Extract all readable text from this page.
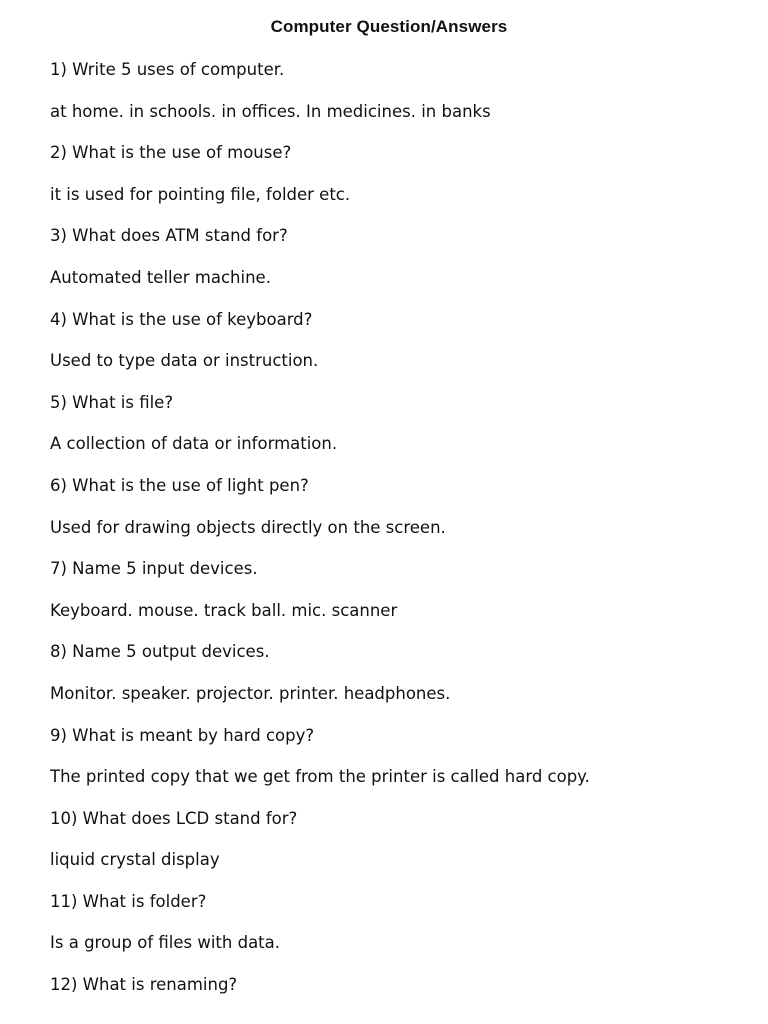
Computer Question/Answers
1) Write 5 uses of computer.
at home. in schools. in offices. In medicines. in banks
2) What is the use of mouse?
it is used for pointing file, folder etc.
3) What does ATM stand for?
Automated teller machine.
4) What is the use of keyboard?
Used to type data or instruction.
5) What is file?
A collection of data or information.
6) What is the use of light pen?
Used for drawing objects directly on the screen.
7) Name 5 input devices.
Keyboard. mouse. track ball. mic. scanner
8) Name 5 output devices.
Monitor. speaker. projector. printer. headphones.
9) What is meant by hard copy?
The printed copy that we get from the printer is called hard copy.
10) What does LCD stand for?
liquid crystal display
11) What is folder?
Is a group of files with data.
12) What is renaming?
